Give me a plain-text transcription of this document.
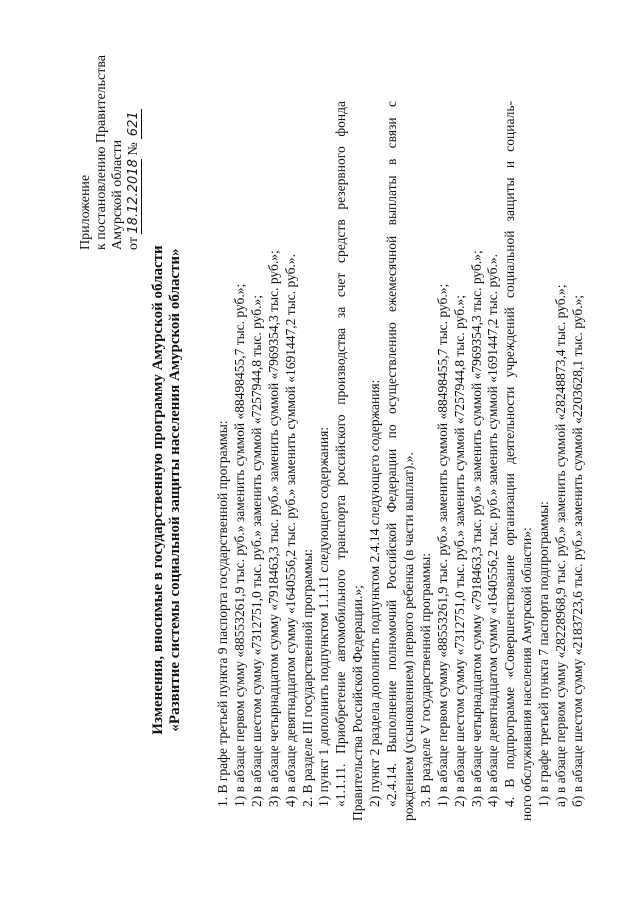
Приложение к постановлению Правительства Амурской области от 18.12.2018 № 621
Изменения, вносимые в государственную программу Амурской области «Развитие системы социальной защиты населения Амурской области» 1. В графе третьей пункта 9 паспорта государственной программы: 1) в абзаце первом сумму «88553261,9 тыс. руб.» заменить суммой «88498455,7 тыс. руб.»; 2) в абзаце шестом сумму «7312751,0 тыс. руб.» заменить суммой «7257944,8 тыс. руб.»; 3) в абзаце четырнадцатом сумму «7918463,3 тыс. руб.» заменить суммой «7969354,3 тыс. руб.»; 4) в абзаце девятнадцатом сумму «1640556,2 тыс. руб.» заменить суммой «1691447,2 тыс. руб.». 2. В разделе III государственной программы: 1) пункт 1 дополнить подпунктом 1.1.11 следующего содержания: «1.1.11. Приобретение автомобильного транспорта российского производства за счет средств резервного фонда Правительства Российской Федерации.»; 2) пункт 2 раздела дополнить подпунктом 2.4.14 следующего содержания: «2.4.14. Выполнение полномочий Российской Федерации по осуществлению ежемесячной выплаты в связи с рождением (усыновлением) первого ребенка (в части выплат).». 3. В разделе V государственной программы: 1) в абзаце первом сумму «88553261,9 тыс. руб.» заменить суммой «88498455,7 тыс. руб.»; 2) в абзаце шестом сумму «7312751,0 тыс. руб.» заменить суммой «7257944,8 тыс. руб.»; 3) в абзаце четырнадцатом сумму «7918463,3 тыс. руб.» заменить суммой «7969354,3 тыс. руб.»; 4) в абзаце девятнадцатом сумму «1640556,2 тыс. руб.» заменить суммой «1691447,2 тыс. руб.». 4. В подпрограмме «Совершенствование организации деятельности учреждений социальной защиты и социаль- ного обслуживания населения Амурской области»: 1) в графе третьей пункта 7 паспорта подпрограммы: а) в абзаце первом сумму «28228968,9 тыс. руб.» заменить суммой «28248873,4 тыс. руб.»; б) в абзаце шестом сумму «2183723,6 тыс. руб.» заменить суммой «2203628,1 тыс. руб.»;
